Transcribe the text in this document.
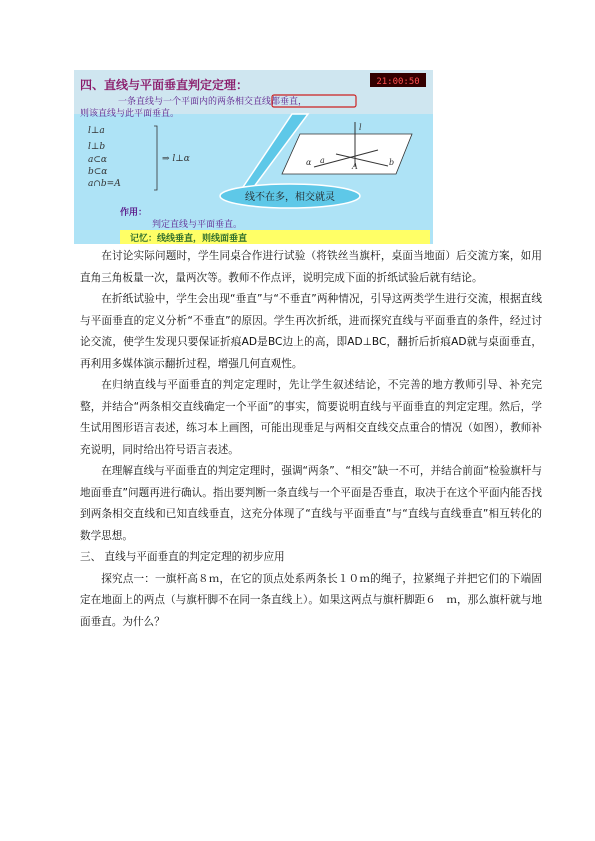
四、直线与平面垂直判定定理：	21:00:50
一条直线与一个平面内的两条相交直线都垂直，
则该直线与此平面垂直。
l⊥a
l⊥b
a⊂α
b⊂α
a∩b=A
⇒ l⊥α
l
a	b
A
α
线不在多，相交就灵
作用：
判定直线与平面垂直。
记忆：线线垂直，则线面垂直

在讨论实际问题时，学生同桌合作进行试验（将铁丝当旗杆，桌面当地面）后交流方案，如用直角三角板量一次，量两次等。教师不作点评，说明完成下面的折纸试验后就有结论。

在折纸试验中，学生会出现“垂直”与“不垂直”两种情况，引导这两类学生进行交流，根据直线与平面垂直的定义分析“不垂直”的原因。学生再次折纸，进而探究直线与平面垂直的条件，经过讨论交流，使学生发现只要保证折痕AD是BC边上的高，即AD⊥BC，翻折后折痕AD就与桌面垂直，再利用多媒体演示翻折过程，增强几何直观性。

在归纳直线与平面垂直的判定定理时，先让学生叙述结论，不完善的地方教师引导、补充完整，并结合“两条相交直线确定一个平面”的事实，简要说明直线与平面垂直的判定定理。然后，学生试用图形语言表述，练习本上画图，可能出现垂足与两相交直线交点重合的情况（如图），教师补充说明，同时给出符号语言表述。

在理解直线与平面垂直的判定定理时，强调“两条”、“相交”缺一不可，并结合前面“检验旗杆与地面垂直”问题再进行确认。指出要判断一条直线与一个平面是否垂直，取决于在这个平面内能否找到两条相交直线和已知直线垂直，这充分体现了“直线与平面垂直”与“直线与直线垂直”相互转化的数学思想。

三、 直线与平面垂直的判定定理的初步应用

探究点一：一旗杆高８ｍ，在它的顶点处系两条长１０ｍ的绳子，拉紧绳子并把它们的下端固定在地面上的两点（与旗杆脚不在同一条直线上）。如果这两点与旗杆脚距６　ｍ，那么旗杆就与地面垂直。为什么？
